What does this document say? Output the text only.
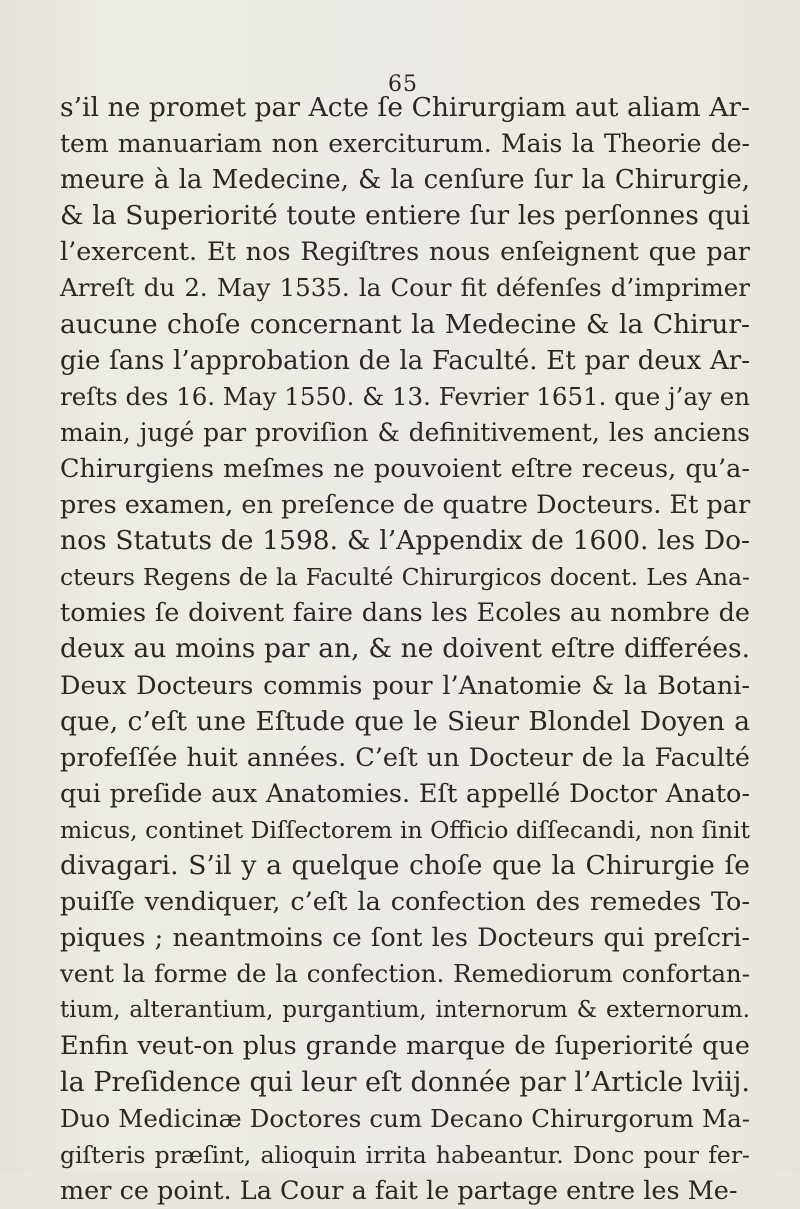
65
s’il ne promet par Acte ſe Chirurgiam aut aliam Ar-
tem manuariam non exerciturum. Mais la Theorie de-
meure à la Medecine, & la cenſure ſur la Chirurgie,
& la Superiorité toute entiere ſur les perſonnes qui
l’exercent. Et nos Regiſtres nous enſeignent que par
Arreſt du 2. May 1535. la Cour fit défenſes d’imprimer
aucune choſe concernant la Medecine & la Chirur-
gie ſans l’approbation de la Faculté. Et par deux Ar-
reſts des 16. May 1550. & 13. Fevrier 1651. que j’ay en
main, jugé par proviſion & definitivement, les anciens
Chirurgiens meſmes ne pouvoient eſtre receus, qu’a-
pres examen, en preſence de quatre Docteurs. Et par
nos Statuts de 1598. & l’Appendix de 1600. les Do-
cteurs Regens de la Faculté Chirurgicos docent. Les Ana-
tomies ſe doivent faire dans les Ecoles au nombre de
deux au moins par an, & ne doivent eſtre differées.
Deux Docteurs commis pour l’Anatomie & la Botani-
que, c’eſt une Eſtude que le Sieur Blondel Doyen a
profeſſée huit années. C’eſt un Docteur de la Faculté
qui preſide aux Anatomies. Eſt appellé Doctor Anato-
micus, continet Diſſectorem in Officio diſſecandi, non ſinit
divagari. S’il y a quelque choſe que la Chirurgie ſe
puiſſe vendiquer, c’eſt la confection des remedes To-
piques ; neantmoins ce ſont les Docteurs qui preſcri-
vent la forme de la confection. Remediorum confortan-
tium, alterantium, purgantium, internorum & externorum.
Enfin veut-on plus grande marque de ſuperiorité que
la Preſidence qui leur eſt donnée par l’Article lviij.
Duo Medicinæ Doctores cum Decano Chirurgorum Ma-
giſteris præſint, alioquin irrita habeantur. Donc pour fer-
mer ce point. La Cour a fait le partage entre les Me-
